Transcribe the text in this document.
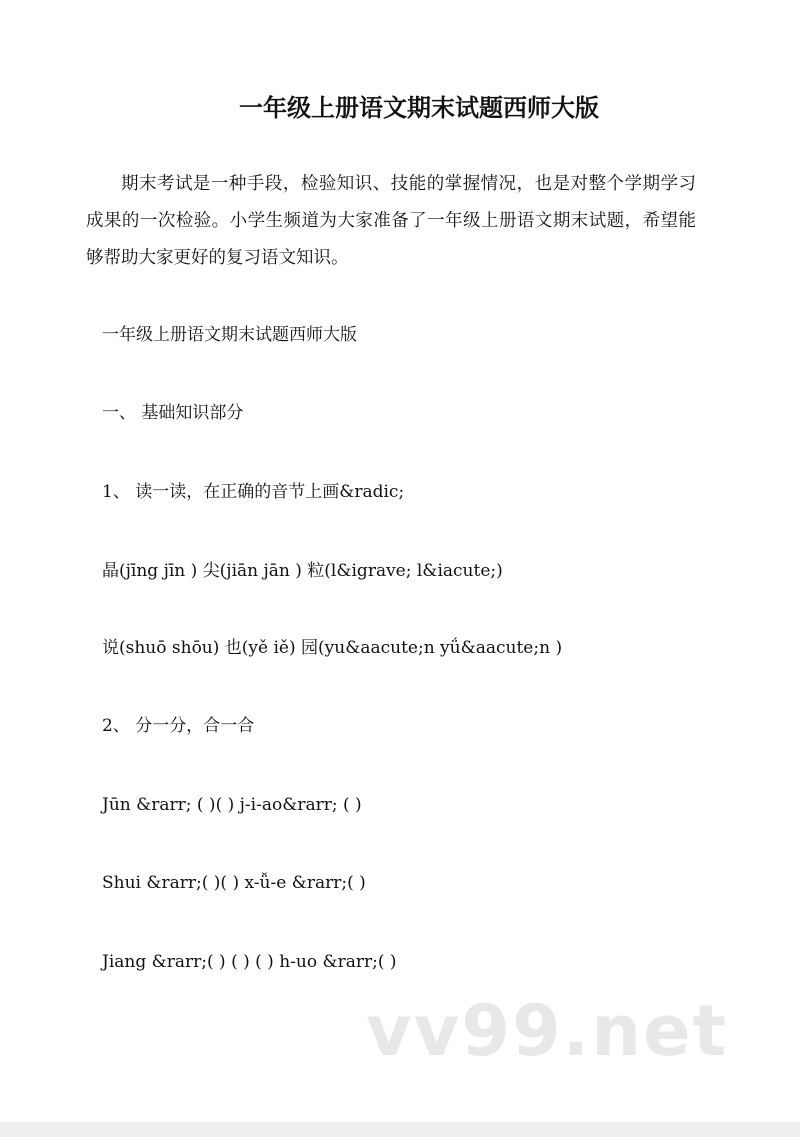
一年级上册语文期末试题西师大版

期末考试是一种手段，检验知识、技能的掌握情况，也是对整个学期学习成果的一次检验。小学生频道为大家准备了一年级上册语文期末试题，希望能够帮助大家更好的复习语文知识。

一年级上册语文期末试题西师大版

一、 基础知识部分

1、 读一读，在正确的音节上画&radic;

晶(jīng jīn ) 尖(jiān jān ) 粒(l&igrave; l&iacute;)

说(shuō shōu) 也(yě iě) 园(yu&aacute;n yǘ&aacute;n )

2、 分一分，合一合

Jūn &rarr; ( )( ) j-i-ao&rarr; ( )

Shui &rarr;( )( ) x-ǚ-e &rarr;( )

Jiang &rarr;( ) ( ) ( ) h-uo &rarr;( )

vv99.net
